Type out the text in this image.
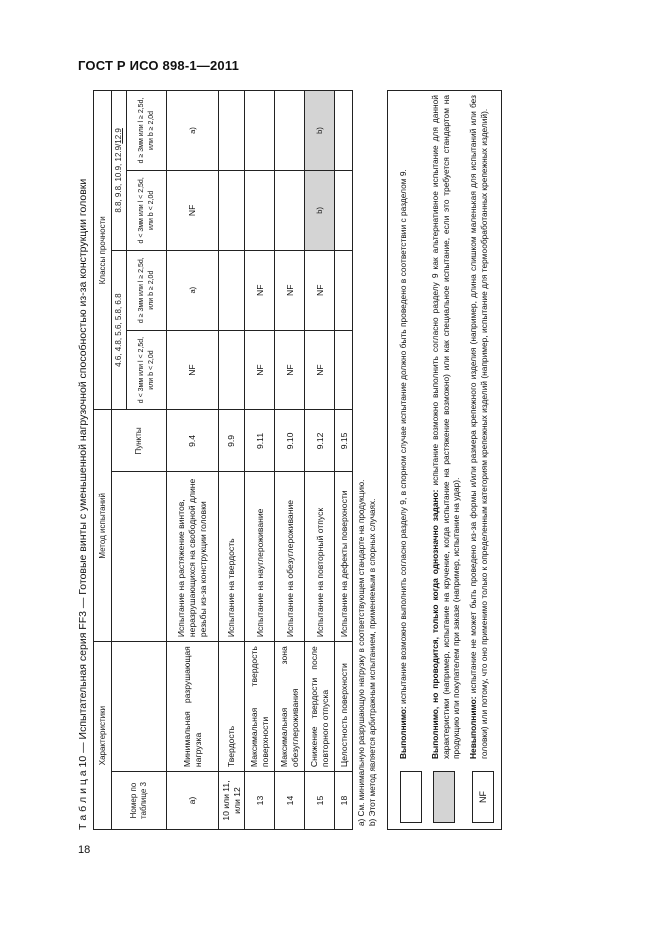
ГОСТ Р ИСО 898-1—2011
18
Т а б л и ц а 10 — Испытательная серия FF3 — Готовые винты с уменьшенной нагрузочной способностью из-за конструкции головки Характеристики		Метод испытаний		Классы прочности			
Номер по таблице 3			Пункты	4.6, 4.8, 5.6, 5.8, 6.8		8.8, 9.8, 10.9, 12.9/12.9	
				d < 3мм или l < 2,5d, или b < 2,0d	d ≥ 3мм или l ≥ 2,5d, или b ≥ 2,0d	d < 3мм или l < 2,5d, или b < 2,0d	d ≥ 3мм или l ≥ 2,5d, или b ≥ 2,0d
а)	Минимальная разрушающая нагрузка	Испытание на растяжение винтов, неразрушающихся на свободной длине резьбы из-за конструкции головки	9.4	NF	а)	NF	а)
10 или 11, или 12	Твердость	Испытание на твердость	9.9				
13	Максимальная твердость поверхности	Испытание на науглероживание	9.11	NF	NF		
14	Максимальная зона обезуглероживания	Испытание на обезуглероживание	9.10	NF	NF		
15	Снижение твердости после повторного отпуска	Испытание на повторный отпуск	9.12	NF	NF	b)	b)
18	Целостность поверхности	Испытание на дефекты поверхности	9.15				
a) См. минимальную разрушающую нагрузку в соответствующем стандарте на продукцию. b) Этот метод является арбитражным испытанием, применяемым в спорных случаях.	Выполнимо: испытание возможно выполнить согласно разделу 9, в спорном случае испытание должно быть проведено в соответствии с разделом 9.	Выполнимо, но проводится, только когда однозначно задано: испытание возможно выполнить согласно разделу 9 как альтернативное испытание для данной характеристики (например, испытание на кручение, когда испытание на растяжение возможно) или как специальное испытание, если это требуется стандартом на продукцию или покупателем при заказе (например, испытание на удар).
NF
Невыполнимо: испытание не может быть проведено из-за формы и/или размера крепежного изделия (например, длина слишком маленькая для испытаний или без головки) или потому, что оно применимо только к определенным категориям крепежных изделий (например, испытание для термообработанных крепежных изделий).
